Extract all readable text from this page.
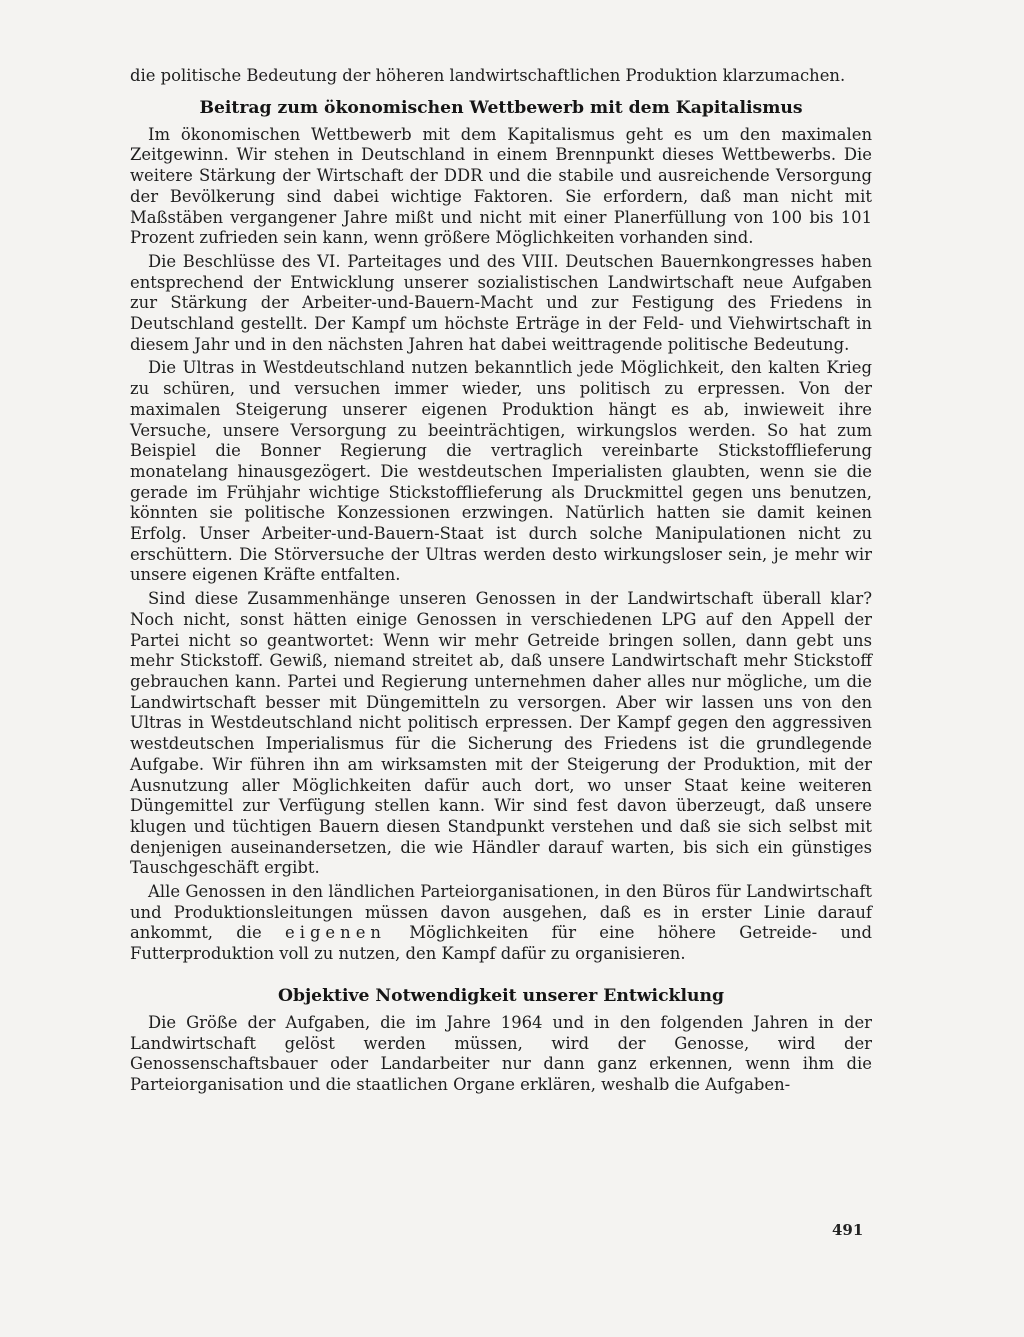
die politische Bedeutung der höheren landwirtschaftlichen Produktion klarzumachen.

Beitrag zum ökonomischen Wettbewerb mit dem Kapitalismus

Im ökonomischen Wettbewerb mit dem Kapitalismus geht es um den maximalen Zeitgewinn. Wir stehen in Deutschland in einem Brennpunkt dieses Wettbewerbs. Die weitere Stärkung der Wirtschaft der DDR und die stabile und ausreichende Versorgung der Bevölkerung sind dabei wichtige Faktoren. Sie erfordern, daß man nicht mit Maßstäben vergangener Jahre mißt und nicht mit einer Planerfüllung von 100 bis 101 Prozent zufrieden sein kann, wenn größere Möglichkeiten vorhanden sind.

Die Beschlüsse des VI. Parteitages und des VIII. Deutschen Bauernkongresses haben entsprechend der Entwicklung unserer sozialistischen Landwirtschaft neue Aufgaben zur Stärkung der Arbeiter-und-Bauern-Macht und zur Festigung des Friedens in Deutschland gestellt. Der Kampf um höchste Erträge in der Feld- und Viehwirtschaft in diesem Jahr und in den nächsten Jahren hat dabei weittragende politische Bedeutung.

Die Ultras in Westdeutschland nutzen bekanntlich jede Möglichkeit, den kalten Krieg zu schüren, und versuchen immer wieder, uns politisch zu erpressen. Von der maximalen Steigerung unserer eigenen Produktion hängt es ab, inwieweit ihre Versuche, unsere Versorgung zu beeinträchtigen, wirkungslos werden. So hat zum Beispiel die Bonner Regierung die vertraglich vereinbarte Stickstofflieferung monatelang hinausgezögert. Die westdeutschen Imperialisten glaubten, wenn sie die gerade im Frühjahr wichtige Stickstofflieferung als Druckmittel gegen uns benutzen, könnten sie politische Konzessionen erzwingen. Natürlich hatten sie damit keinen Erfolg. Unser Arbeiter-und-Bauern-Staat ist durch solche Manipulationen nicht zu erschüttern. Die Störversuche der Ultras werden desto wirkungsloser sein, je mehr wir unsere eigenen Kräfte entfalten.

Sind diese Zusammenhänge unseren Genossen in der Landwirtschaft überall klar? Noch nicht, sonst hätten einige Genossen in verschiedenen LPG auf den Appell der Partei nicht so geantwortet: Wenn wir mehr Getreide bringen sollen, dann gebt uns mehr Stickstoff. Gewiß, niemand streitet ab, daß unsere Landwirtschaft mehr Stickstoff gebrauchen kann. Partei und Regierung unternehmen daher alles nur mögliche, um die Landwirtschaft besser mit Düngemitteln zu versorgen. Aber wir lassen uns von den Ultras in Westdeutschland nicht politisch erpressen. Der Kampf gegen den aggressiven westdeutschen Imperialismus für die Sicherung des Friedens ist die grundlegende Aufgabe. Wir führen ihn am wirksamsten mit der Steigerung der Produktion, mit der Ausnutzung aller Möglichkeiten dafür auch dort, wo unser Staat keine weiteren Düngemittel zur Verfügung stellen kann. Wir sind fest davon überzeugt, daß unsere klugen und tüchtigen Bauern diesen Standpunkt verstehen und daß sie sich selbst mit denjenigen auseinandersetzen, die wie Händler darauf warten, bis sich ein günstiges Tauschgeschäft ergibt.

Alle Genossen in den ländlichen Parteiorganisationen, in den Büros für Landwirtschaft und Produktionsleitungen müssen davon ausgehen, daß es in erster Linie darauf ankommt, die eigenen Möglichkeiten für eine höhere Getreide- und Futterproduktion voll zu nutzen, den Kampf dafür zu organisieren.

Objektive Notwendigkeit unserer Entwicklung

Die Größe der Aufgaben, die im Jahre 1964 und in den folgenden Jahren in der Landwirtschaft gelöst werden müssen, wird der Genosse, wird der Genossenschaftsbauer oder Landarbeiter nur dann ganz erkennen, wenn ihm die Parteiorganisation und die staatlichen Organe erklären, weshalb die Aufgaben-

491
